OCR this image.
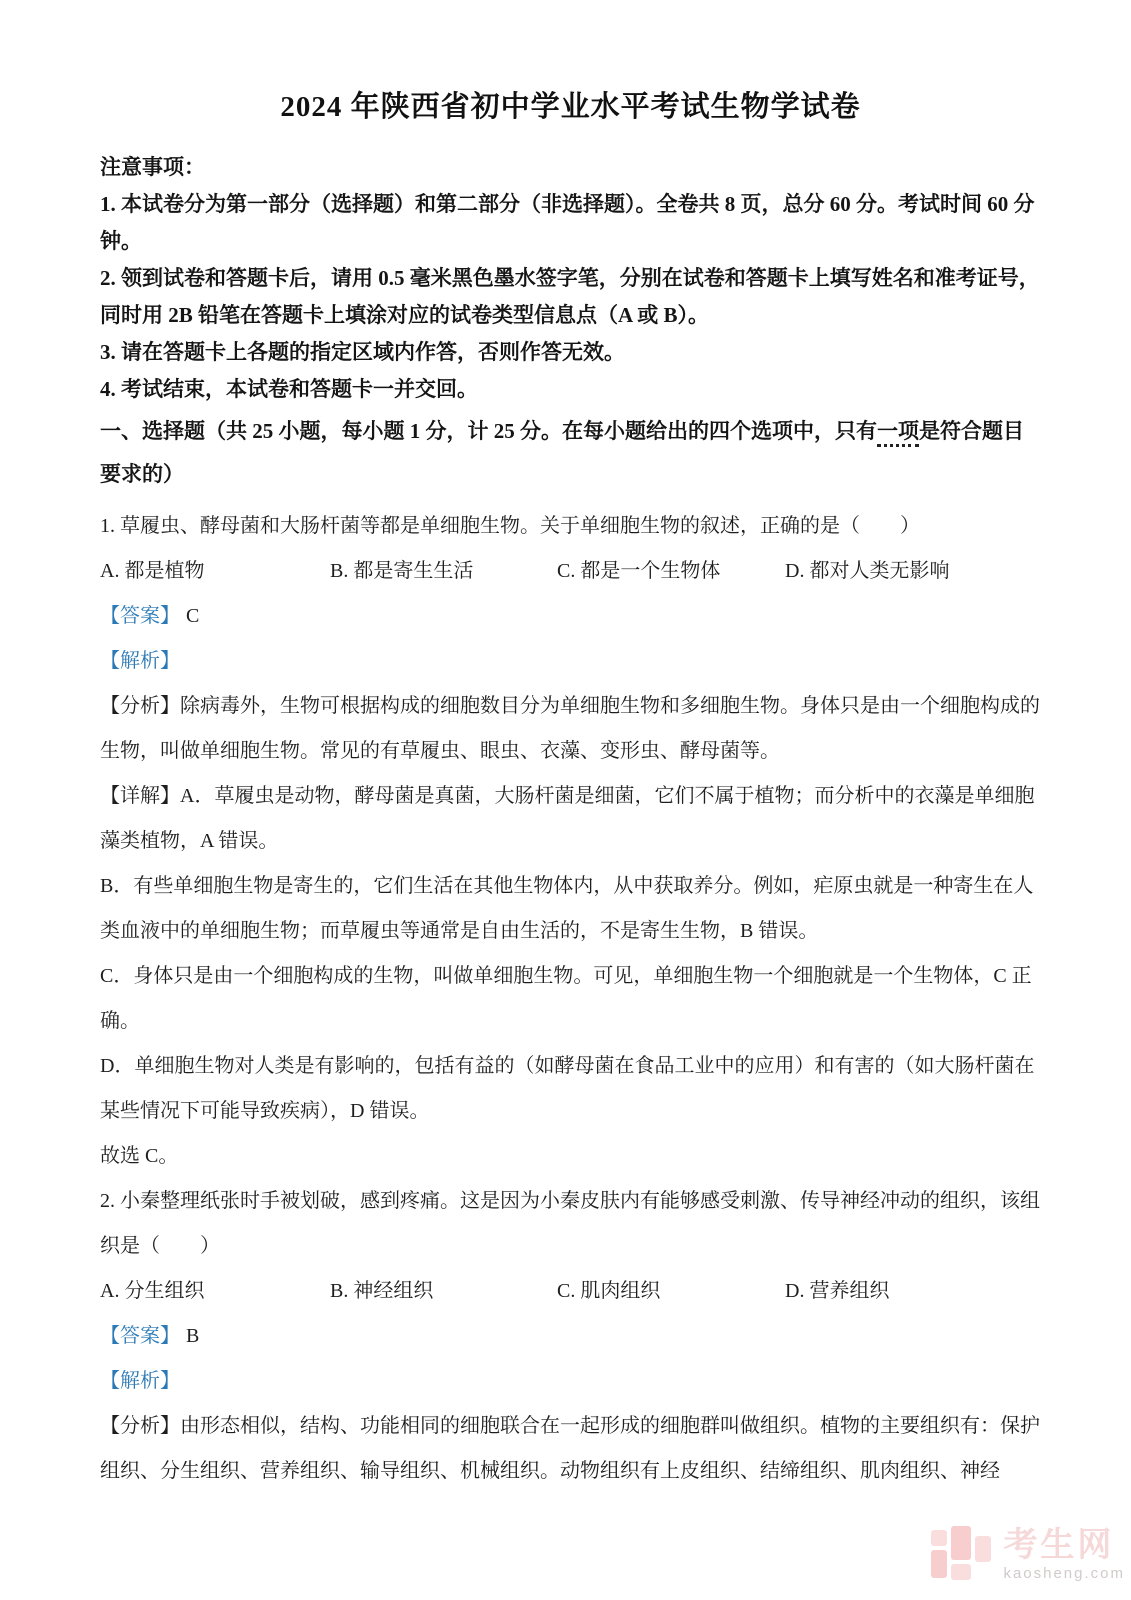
2024 年陕西省初中学业水平考试生物学试卷

注意事项：

1. 本试卷分为第一部分（选择题）和第二部分（非选择题）。全卷共 8 页，总分 60 分。考试时间 60 分钟。

2. 领到试卷和答题卡后，请用 0.5 毫米黑色墨水签字笔，分别在试卷和答题卡上填写姓名和准考证号，同时用 2B 铅笔在答题卡上填涂对应的试卷类型信息点（A 或 B）。

3. 请在答题卡上各题的指定区域内作答，否则作答无效。

4. 考试结束，本试卷和答题卡一并交回。

一、选择题（共 25 小题，每小题 1 分，计 25 分。在每小题给出的四个选项中，只有一项是符合题目要求的）

1. 草履虫、酵母菌和大肠杆菌等都是单细胞生物。关于单细胞生物的叙述，正确的是（　　）

A. 都是植物	B. 都是寄生生活	C. 都是一个生物体	D. 都对人类无影响

【答案】 C

【解析】

【分析】除病毒外，生物可根据构成的细胞数目分为单细胞生物和多细胞生物。身体只是由一个细胞构成的生物，叫做单细胞生物。常见的有草履虫、眼虫、衣藻、变形虫、酵母菌等。

【详解】A．草履虫是动物，酵母菌是真菌，大肠杆菌是细菌，它们不属于植物；而分析中的衣藻是单细胞藻类植物，A 错误。

B．有些单细胞生物是寄生的，它们生活在其他生物体内，从中获取养分。例如，疟原虫就是一种寄生在人类血液中的单细胞生物；而草履虫等通常是自由生活的，不是寄生生物，B 错误。

C．身体只是由一个细胞构成的生物，叫做单细胞生物。可见，单细胞生物一个细胞就是一个生物体，C 正确。

D．单细胞生物对人类是有影响的，包括有益的（如酵母菌在食品工业中的应用）和有害的（如大肠杆菌在某些情况下可能导致疾病），D 错误。

故选 C。

2. 小秦整理纸张时手被划破，感到疼痛。这是因为小秦皮肤内有能够感受刺激、传导神经冲动的组织，该组织是（　　）

A. 分生组织	B. 神经组织	C. 肌肉组织	D. 营养组织

【答案】 B

【解析】

【分析】由形态相似，结构、功能相同的细胞联合在一起形成的细胞群叫做组织。植物的主要组织有：保护组织、分生组织、营养组织、输导组织、机械组织。动物组织有上皮组织、结缔组织、肌肉组织、神经

考生网
kaosheng.com
